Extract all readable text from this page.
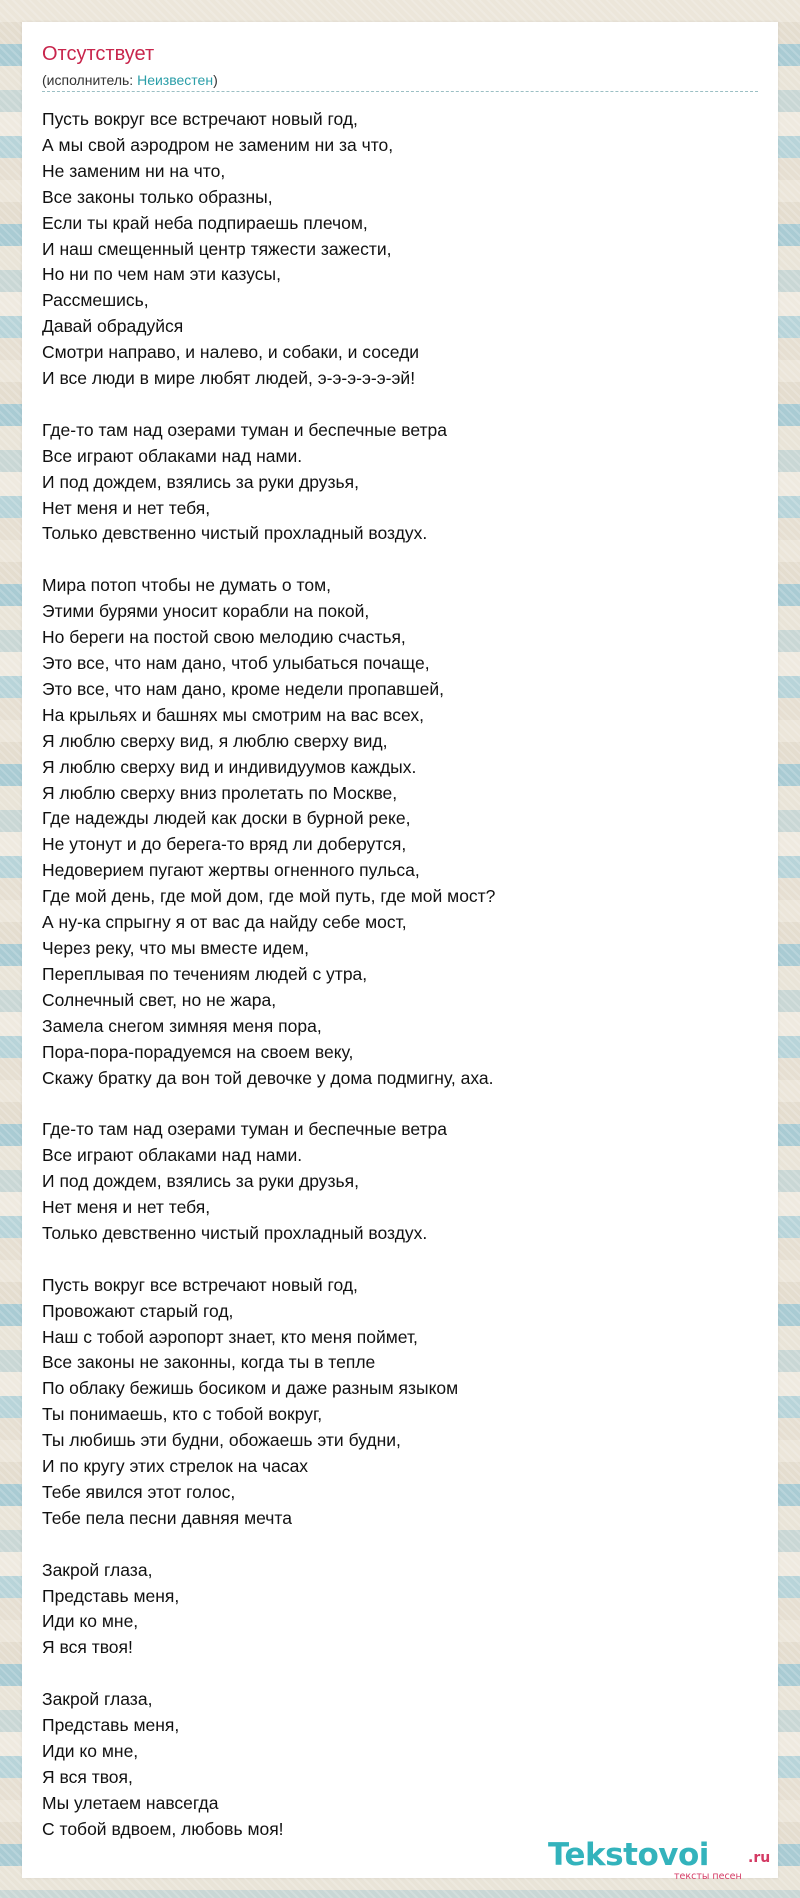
Отсутствует
(исполнитель: Неизвестен)
Пусть вокруг все встречают новый год,
А мы свой аэродром не заменим ни за что,
Не заменим ни на что,
Все законы только образны,
Если ты край неба подпираешь плечом,
И наш смещенный центр тяжести зажести,
Но ни по чем нам эти казусы,
Рассмешись,
Давай обрадуйся
Смотри направо, и налево, и собаки, и соседи
И все люди в мире любят людей, э-э-э-э-э-эй!
Где-то там над озерами туман и беспечные ветра
Все играют облаками над нами.
И под дождем, взялись за руки друзья,
Нет меня и нет тебя,
Только девственно чистый прохладный воздух.
Мира потоп чтобы не думать о том,
Этими бурями уносит корабли на покой,
Но береги на постой свою мелодию счастья,
Это все, что нам дано, чтоб улыбаться почаще,
Это все, что нам дано, кроме недели пропавшей,
На крыльях и башнях мы смотрим на вас всех,
Я люблю сверху вид, я люблю сверху вид,
Я люблю сверху вид и индивидуумов каждых.
Я люблю сверху вниз пролетать по Москве,
Где надежды людей как доски в бурной реке,
Не утонут и до берега-то вряд ли доберутся,
Недоверием пугают жертвы огненного пульса,
Где мой день, где мой дом, где мой путь, где мой мост?
А ну-ка спрыгну я от вас да найду себе мост,
Через реку, что мы вместе идем,
Переплывая по течениям людей с утра,
Солнечный свет, но не жара,
Замела снегом зимняя меня пора,
Пора-пора-порадуемся на своем веку,
Скажу братку да вон той девочке у дома подмигну, аха.
Где-то там над озерами туман и беспечные ветра
Все играют облаками над нами.
И под дождем, взялись за руки друзья,
Нет меня и нет тебя,
Только девственно чистый прохладный воздух.
Пусть вокруг все встречают новый год,
Провожают старый год,
Наш с тобой аэропорт знает, кто меня поймет,
Все законы не законны, когда ты в тепле
По облаку бежишь босиком и даже разным языком
Ты понимаешь, кто с тобой вокруг,
Ты любишь эти будни, обожаешь эти будни,
И по кругу этих стрелок на часах
Тебе явился этот голос,
Тебе пела песни давняя мечта
Закрой глаза,
Представь меня,
Иди ко мне,
Я вся твоя!
Закрой глаза,
Представь меня,
Иди ко мне,
Я вся твоя,
Мы улетаем навсегда
С тобой вдвоем, любовь моя!
Tekstovoi	.ru
тексты песен
